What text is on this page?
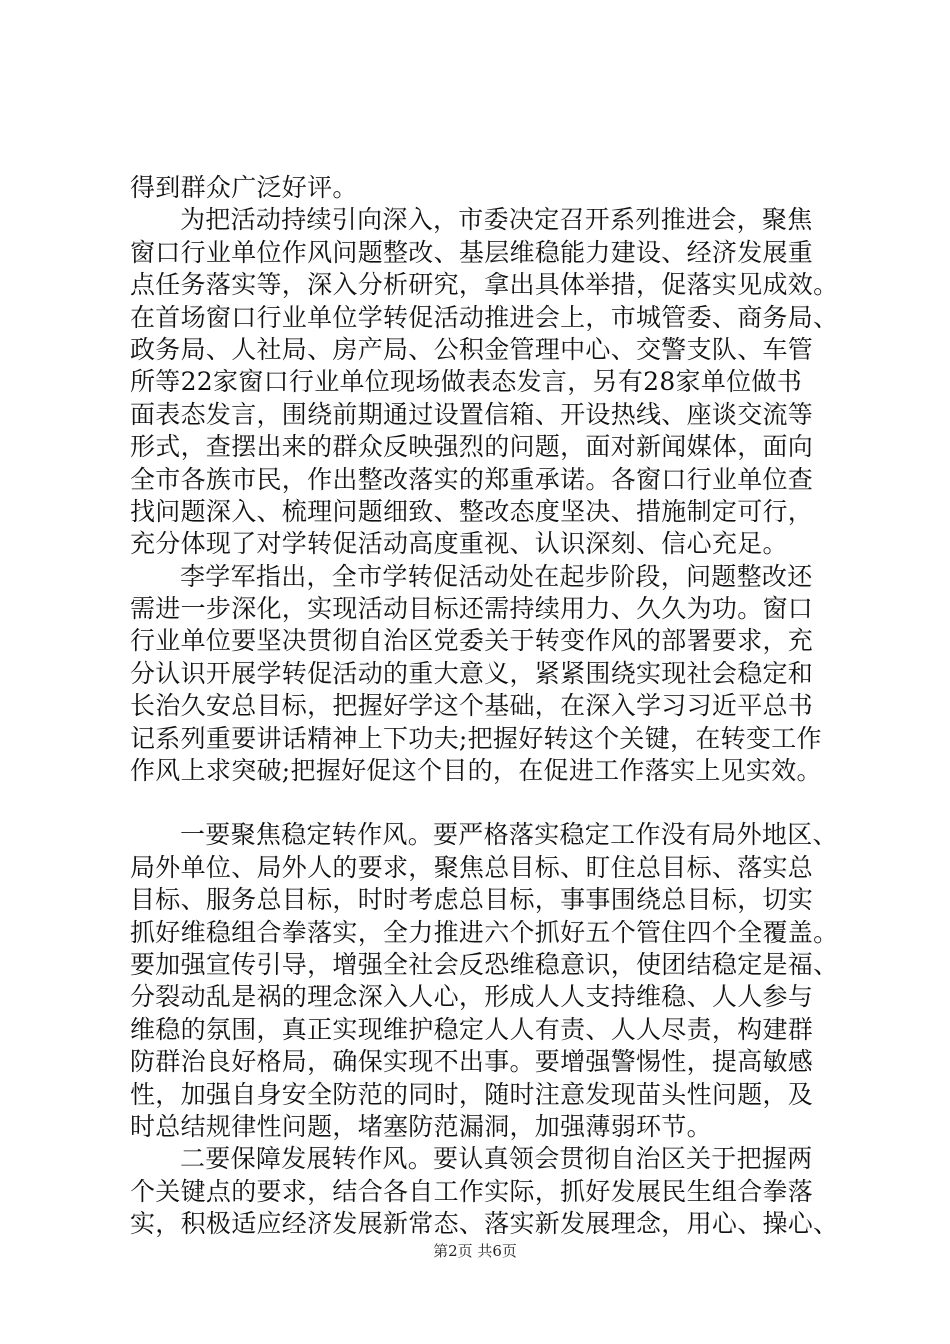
得到群众广泛好评。
为把活动持续引向深入，市委决定召开系列推进会，聚焦
窗口行业单位作风问题整改、基层维稳能力建设、经济发展重
点任务落实等，深入分析研究，拿出具体举措，促落实见成效。
在首场窗口行业单位学转促活动推进会上，市城管委、商务局、
政务局、人社局、房产局、公积金管理中心、交警支队、车管
所等22家窗口行业单位现场做表态发言，另有28家单位做书
面表态发言，围绕前期通过设置信箱、开设热线、座谈交流等
形式，查摆出来的群众反映强烈的问题，面对新闻媒体，面向
全市各族市民，作出整改落实的郑重承诺。各窗口行业单位查
找问题深入、梳理问题细致、整改态度坚决、措施制定可行，
充分体现了对学转促活动高度重视、认识深刻、信心充足。
李学军指出，全市学转促活动处在起步阶段，问题整改还
需进一步深化，实现活动目标还需持续用力、久久为功。窗口
行业单位要坚决贯彻自治区党委关于转变作风的部署要求，充
分认识开展学转促活动的重大意义，紧紧围绕实现社会稳定和
长治久安总目标，把握好学这个基础，在深入学习习近平总书
记系列重要讲话精神上下功夫;把握好转这个关键，在转变工作
作风上求突破;把握好促这个目的，在促进工作落实上见实效。
一要聚焦稳定转作风。要严格落实稳定工作没有局外地区、
局外单位、局外人的要求，聚焦总目标、盯住总目标、落实总
目标、服务总目标，时时考虑总目标，事事围绕总目标，切实
抓好维稳组合拳落实，全力推进六个抓好五个管住四个全覆盖。
要加强宣传引导，增强全社会反恐维稳意识，使团结稳定是福、
分裂动乱是祸的理念深入人心，形成人人支持维稳、人人参与
维稳的氛围，真正实现维护稳定人人有责、人人尽责，构建群
防群治良好格局，确保实现不出事。要增强警惕性，提高敏感
性，加强自身安全防范的同时，随时注意发现苗头性问题，及
时总结规律性问题，堵塞防范漏洞，加强薄弱环节。
二要保障发展转作风。要认真领会贯彻自治区关于把握两
个关键点的要求，结合各自工作实际，抓好发展民生组合拳落
实，积极适应经济发展新常态、落实新发展理念，用心、操心、
第2页 共6页
